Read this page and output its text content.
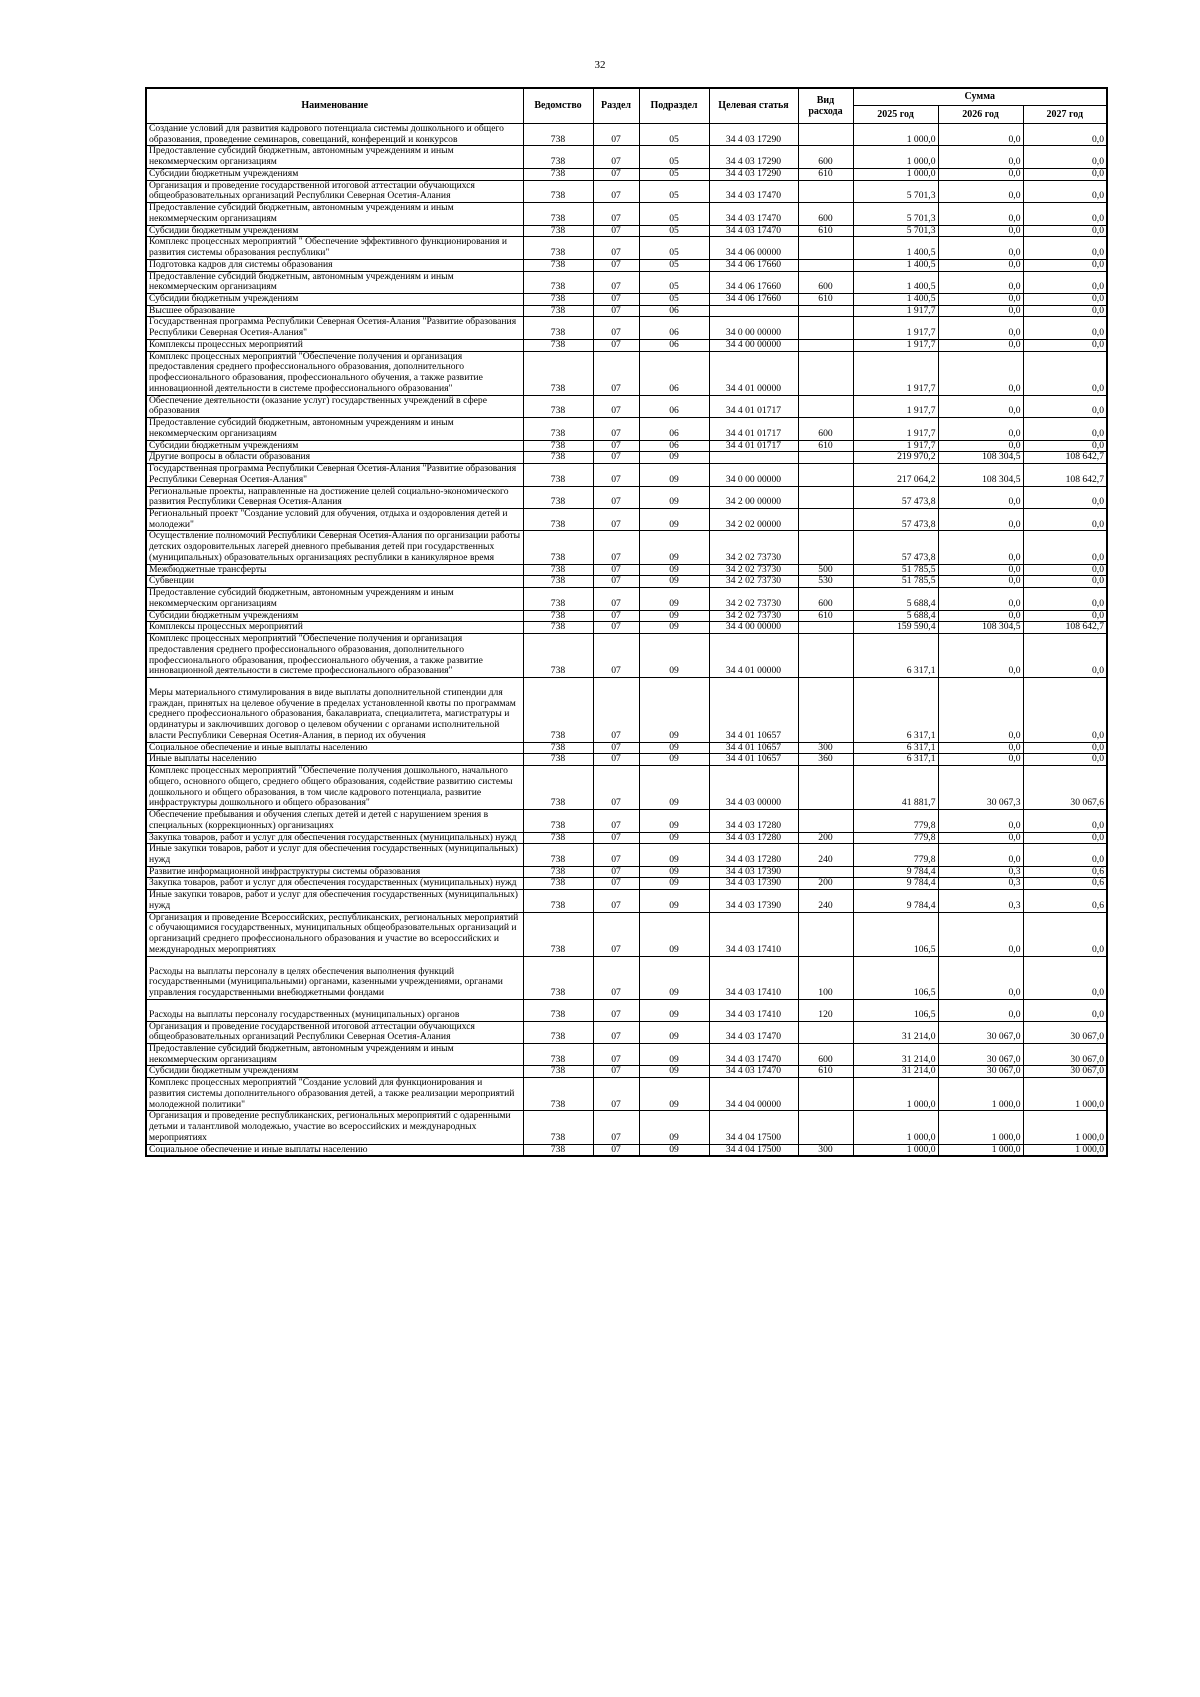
32
Наименование	Ведомство	Раздел	Подраздел	Целевая статья	Вид расхода	Сумма		
						2025 год	2026 год	2027 год
Создание условий для развития кадрового потенциала системы дошкольного и общего образования, проведение семинаров, совещаний, конференций и конкурсов	738	07	05	34 4 03 17290		1 000,0	0,0	0,0
Предоставление субсидий бюджетным, автономным учреждениям и иным некоммерческим организациям	738	07	05	34 4 03 17290	600	1 000,0	0,0	0,0
Субсидии бюджетным учреждениям	738	07	05	34 4 03 17290	610	1 000,0	0,0	0,0
Организация и проведение государственной итоговой аттестации обучающихся общеобразовательных организаций Республики Северная Осетия-Алания	738	07	05	34 4 03 17470		5 701,3	0,0	0,0
Предоставление субсидий бюджетным, автономным учреждениям и иным некоммерческим организациям	738	07	05	34 4 03 17470	600	5 701,3	0,0	0,0
Субсидии бюджетным учреждениям	738	07	05	34 4 03 17470	610	5 701,3	0,0	0,0
Комплекс процессных мероприятий " Обеспечение эффективного функционирования и развития системы образования республики"	738	07	05	34 4 06 00000		1 400,5	0,0	0,0
Подготовка кадров для системы образования	738	07	05	34 4 06 17660		1 400,5	0,0	0,0
Предоставление субсидий бюджетным, автономным учреждениям и иным некоммерческим организациям	738	07	05	34 4 06 17660	600	1 400,5	0,0	0,0
Субсидии бюджетным учреждениям	738	07	05	34 4 06 17660	610	1 400,5	0,0	0,0
Высшее образование	738	07	06			1 917,7	0,0	0,0
Государственная программа Республики Северная Осетия-Алания "Развитие образования Республики Северная Осетия-Алания"	738	07	06	34 0 00 00000		1 917,7	0,0	0,0
Комплексы процессных мероприятий	738	07	06	34 4 00 00000		1 917,7	0,0	0,0
Комплекс процессных мероприятий "Обеспечение получения и организация предоставления среднего профессионального образования, дополнительного профессионального образования, профессионального обучения, а также развитие инновационной деятельности в системе профессионального образования"	738	07	06	34 4 01 00000		1 917,7	0,0	0,0
Обеспечение деятельности (оказание услуг) государственных учреждений в сфере образования	738	07	06	34 4 01 01717		1 917,7	0,0	0,0
Предоставление субсидий бюджетным, автономным учреждениям и иным некоммерческим организациям	738	07	06	34 4 01 01717	600	1 917,7	0,0	0,0
Субсидии бюджетным учреждениям	738	07	06	34 4 01 01717	610	1 917,7	0,0	0,0
Другие вопросы в области образования	738	07	09			219 970,2	108 304,5	108 642,7
Государственная программа Республики Северная Осетия-Алания "Развитие образования Республики Северная Осетия-Алания"	738	07	09	34 0 00 00000		217 064,2	108 304,5	108 642,7
Региональные проекты, направленные на достижение целей социально-экономического развития Республики Северная Осетия-Алания	738	07	09	34 2 00 00000		57 473,8	0,0	0,0
Региональный проект "Создание условий для обучения, отдыха и оздоровления детей и молодежи"	738	07	09	34 2 02 00000		57 473,8	0,0	0,0
Осуществление полномочий Республики Северная Осетия-Алания по организации работы детских оздоровительных лагерей дневного пребывания детей при государственных (муниципальных) образовательных организациях республики в каникулярное время	738	07	09	34 2 02 73730		57 473,8	0,0	0,0
Межбюджетные трансферты	738	07	09	34 2 02 73730	500	51 785,5	0,0	0,0
Субвенции	738	07	09	34 2 02 73730	530	51 785,5	0,0	0,0
Предоставление субсидий бюджетным, автономным учреждениям и иным некоммерческим организациям	738	07	09	34 2 02 73730	600	5 688,4	0,0	0,0
Субсидии бюджетным учреждениям	738	07	09	34 2 02 73730	610	5 688,4	0,0	0,0
Комплексы процессных мероприятий	738	07	09	34 4 00 00000		159 590,4	108 304,5	108 642,7
Комплекс процессных мероприятий "Обеспечение получения и организация предоставления среднего профессионального образования, дополнительного профессионального образования, профессионального обучения, а также развитие инновационной деятельности в системе профессионального образования"	738	07	09	34 4 01 00000		6 317,1	0,0	0,0
Меры материального стимулирования в виде выплаты дополнительной стипендии для граждан, принятых на целевое обучение в пределах установленной квоты по программам среднего профессионального образования, бакалавриата, специалитета, магистратуры и ординатуры и заключивших договор о целевом обучении с органами исполнительной власти Республики Северная Осетия-Алания, в период их обучения	738	07	09	34 4 01 10657		6 317,1	0,0	0,0
Социальное обеспечение и иные выплаты населению	738	07	09	34 4 01 10657	300	6 317,1	0,0	0,0
Иные выплаты населению	738	07	09	34 4 01 10657	360	6 317,1	0,0	0,0
Комплекс процессных мероприятий "Обеспечение получения дошкольного, начального общего, основного общего, среднего общего образования, содействие развитию системы дошкольного и общего образования, в том числе кадрового потенциала, развитие инфраструктуры дошкольного и общего образования"	738	07	09	34 4 03 00000		41 881,7	30 067,3	30 067,6
Обеспечение пребывания и обучения слепых детей и детей с нарушением зрения в специальных (коррекционных) организациях	738	07	09	34 4 03 17280		779,8	0,0	0,0
Закупка товаров, работ и услуг для обеспечения государственных (муниципальных) нужд	738	07	09	34 4 03 17280	200	779,8	0,0	0,0
Иные закупки товаров, работ и услуг для обеспечения государственных (муниципальных) нужд	738	07	09	34 4 03 17280	240	779,8	0,0	0,0
Развитие информационной инфраструктуры системы образования	738	07	09	34 4 03 17390		9 784,4	0,3	0,6
Закупка товаров, работ и услуг для обеспечения государственных (муниципальных) нужд	738	07	09	34 4 03 17390	200	9 784,4	0,3	0,6
Иные закупки товаров, работ и услуг для обеспечения государственных (муниципальных) нужд	738	07	09	34 4 03 17390	240	9 784,4	0,3	0,6
Организация и проведение Всероссийских, республиканских, региональных мероприятий с обучающимися государственных, муниципальных общеобразовательных организаций и организаций среднего профессионального образования и участие во всероссийских и международных мероприятиях	738	07	09	34 4 03 17410		106,5	0,0	0,0
Расходы на выплаты персоналу в целях обеспечения выполнения функций государственными (муниципальными) органами, казенными учреждениями, органами управления государственными внебюджетными фондами	738	07	09	34 4 03 17410	100	106,5	0,0	0,0
Расходы на выплаты персоналу государственных (муниципальных) органов	738	07	09	34 4 03 17410	120	106,5	0,0	0,0
Организация и проведение государственной итоговой аттестации обучающихся общеобразовательных организаций Республики Северная Осетия-Алания	738	07	09	34 4 03 17470		31 214,0	30 067,0	30 067,0
Предоставление субсидий бюджетным, автономным учреждениям и иным некоммерческим организациям	738	07	09	34 4 03 17470	600	31 214,0	30 067,0	30 067,0
Субсидии бюджетным учреждениям	738	07	09	34 4 03 17470	610	31 214,0	30 067,0	30 067,0
Комплекс процессных мероприятий "Создание условий для функционирования и развития системы дополнительного образования детей, а также реализации мероприятий молодежной политики"	738	07	09	34 4 04 00000		1 000,0	1 000,0	1 000,0
Организация и проведение республиканских, региональных мероприятий с одаренными детьми и талантливой молодежью, участие во всероссийских и международных мероприятиях	738	07	09	34 4 04 17500		1 000,0	1 000,0	1 000,0
Социальное обеспечение и иные выплаты населению	738	07	09	34 4 04 17500	300	1 000,0	1 000,0	1 000,0
